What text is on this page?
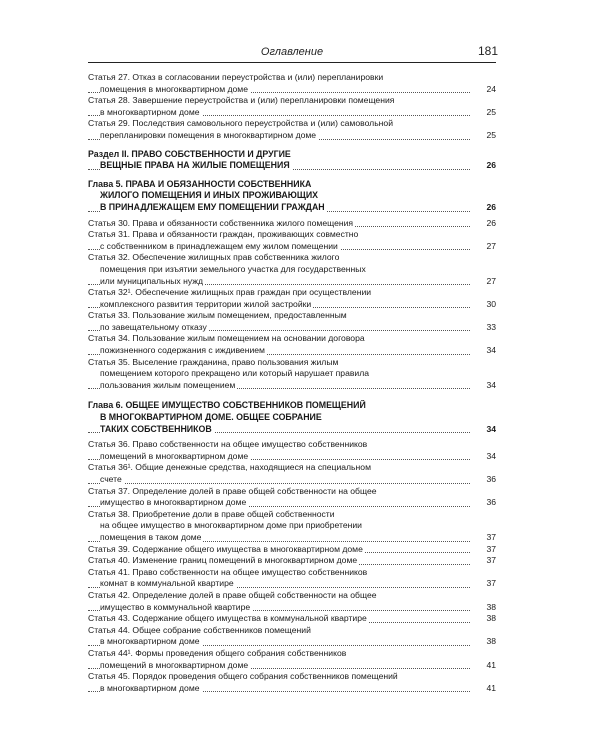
Оглавление	181
Статья 27. Отказ в согласовании переустройства и (или) перепланировки
помещения в многоквартирном доме	24
Статья 28. Завершение переустройства и (или) перепланировки помещения
в многоквартирном доме	25
Статья 29. Последствия самовольного переустройства и (или) самовольной
перепланировки помещения в многоквартирном доме	25
Раздел II. ПРАВО СОБСТВЕННОСТИ И ДРУГИЕ
ВЕЩНЫЕ ПРАВА НА ЖИЛЫЕ ПОМЕЩЕНИЯ	26
Глава 5. ПРАВА И ОБЯЗАННОСТИ СОБСТВЕННИКА
ЖИЛОГО ПОМЕЩЕНИЯ И ИНЫХ ПРОЖИВАЮЩИХ
В ПРИНАДЛЕЖАЩЕМ ЕМУ ПОМЕЩЕНИИ ГРАЖДАН	26
Статья 30. Права и обязанности собственника жилого помещения	26
Статья 31. Права и обязанности граждан, проживающих совместно
с собственником в принадлежащем ему жилом помещении	27
Статья 32. Обеспечение жилищных прав собственника жилого
помещения при изъятии земельного участка для государственных
или муниципальных нужд	27
Статья 32¹. Обеспечение жилищных прав граждан при осуществлении
комплексного развития территории жилой застройки	30
Статья 33. Пользование жилым помещением, предоставленным
по завещательному отказу	33
Статья 34. Пользование жилым помещением на основании договора
пожизненного содержания с иждивением	34
Статья 35. Выселение гражданина, право пользования жилым
помещением которого прекращено или который нарушает правила
пользования жилым помещением	34
Глава 6. ОБЩЕЕ ИМУЩЕСТВО СОБСТВЕННИКОВ ПОМЕЩЕНИЙ
В МНОГОКВАРТИРНОМ ДОМЕ. ОБЩЕЕ СОБРАНИЕ
ТАКИХ СОБСТВЕННИКОВ	34
Статья 36. Право собственности на общее имущество собственников
помещений в многоквартирном доме	34
Статья 36¹. Общие денежные средства, находящиеся на специальном
счете	36
Статья 37. Определение долей в праве общей собственности на общее
имущество в многоквартирном доме	36
Статья 38. Приобретение доли в праве общей собственности
на общее имущество в многоквартирном доме при приобретении
помещения в таком доме	37
Статья 39. Содержание общего имущества в многоквартирном доме	37
Статья 40. Изменение границ помещений в многоквартирном доме	37
Статья 41. Право собственности на общее имущество собственников
комнат в коммунальной квартире	37
Статья 42. Определение долей в праве общей собственности на общее
имущество в коммунальной квартире	38
Статья 43. Содержание общего имущества в коммунальной квартире	38
Статья 44. Общее собрание собственников помещений
в многоквартирном доме	38
Статья 44¹. Формы проведения общего собрания собственников
помещений в многоквартирном доме	41
Статья 45. Порядок проведения общего собрания собственников помещений
в многоквартирном доме	41
